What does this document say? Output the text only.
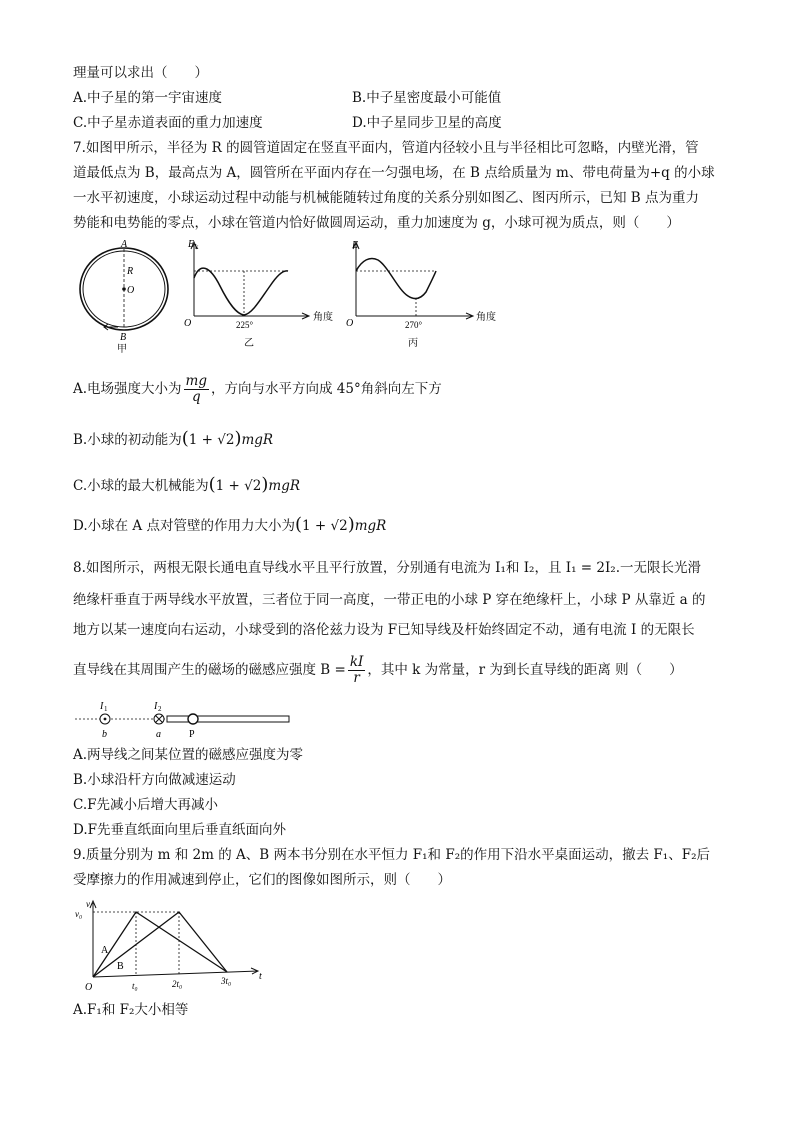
理量可以求出（　　）
A.中子星的第一宇宙速度	B.中子星密度最小可能值
C.中子星赤道表面的重力加速度	D.中子星同步卫星的高度
7.如图甲所示，半径为 R 的圆管道固定在竖直平面内，管道内径较小且与半径相比可忽略，内壁光滑，管
道最低点为 B，最高点为 A，圆管所在平面内存在一匀强电场，在 B 点给质量为 m、带电荷量为+q 的小球
一水平初速度，小球运动过程中动能与机械能随转过角度的关系分别如图乙、图丙所示，已知 B 点为重力
势能和电势能的零点，小球在管道内恰好做圆周运动，重力加速度为 g，小球可视为质点，则（　　）
A
R
O
B
甲
E k
O	225°
角度
乙
E
O	270°
角度
丙
A.电场强度大小为 $\frac{mg}{q}$ ，方向与水平方向成 45°角斜向左下方
B.小球的初动能为(1 + √2)mgR
C.小球的最大机械能为(1 + √2)mgR
D.小球在 A 点对管壁的作用力大小为(1 + √2)mgR
8.如图所示，两根无限长通电直导线水平且平行放置，分别通有电流为 I₁和 I₂，且 I₁ = 2I₂.一无限长光滑
绝缘杆垂直于两导线水平放置，三者位于同一高度，一带正电的小球 P 穿在绝缘杆上，小球 P 从靠近 a 的
地方以某一速度向右运动，小球受到的洛伦兹力设为 F已知导线及杆始终固定不动，通有电流 I 的无限长
直导线在其周围产生的磁场的磁感应强度 $B = \frac{kI}{r}$ ，其中 k 为常量，r 为到长直导线的距离 则（　　）
I 1	I 2
b	a	P
A.两导线之间某位置的磁感应强度为零
B.小球沿杆方向做减速运动
C.F先减小后增大再减小
D.F先垂直纸面向里后垂直纸面向外
9.质量分别为 m 和 2m 的 A、B 两本书分别在水平恒力 F₁和 F₂的作用下沿水平桌面运动，撤去 F₁、F₂后
受摩擦力的作用减速到停止，它们的图像如图所示，则（　　）
v₀
v
A
B
O	t₀	2t₀	3t₀	t
A.F₁和 F₂大小相等
